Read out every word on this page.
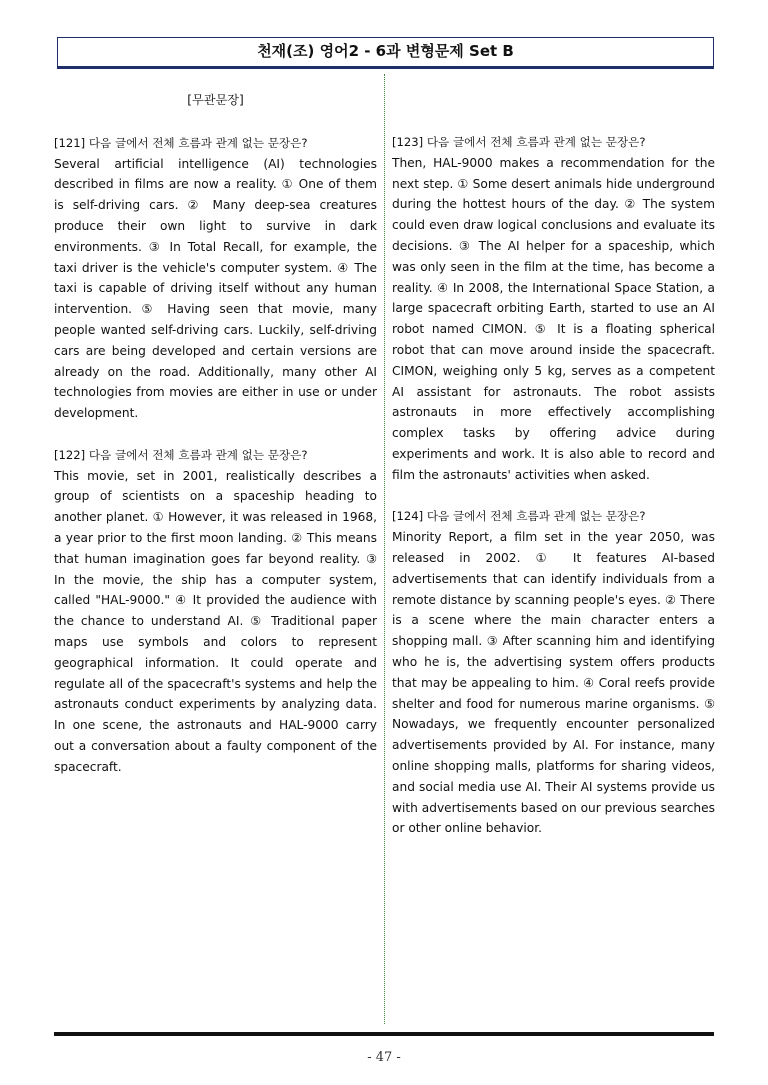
천재(조) 영어2 - 6과 변형문제 Set B
[무관문장]
[121] 다음 글에서 전체 흐름과 관계 없는 문장은?
Several artificial intelligence (AI) technologies described in films are now a reality. ① One of them is self-driving cars. ② Many deep-sea creatures produce their own light to survive in dark environments. ③ In Total Recall, for example, the taxi driver is the vehicle's computer system. ④ The taxi is capable of driving itself without any human intervention. ⑤ Having seen that movie, many people wanted self-driving cars. Luckily, self-driving cars are being developed and certain versions are already on the road. Additionally, many other AI technologies from movies are either in use or under development.
[122] 다음 글에서 전체 흐름과 관계 없는 문장은?
This movie, set in 2001, realistically describes a group of scientists on a spaceship heading to another planet. ① However, it was released in 1968, a year prior to the first moon landing. ② This means that human imagination goes far beyond reality. ③ In the movie, the ship has a computer system, called "HAL-9000." ④ It provided the audience with the chance to understand AI. ⑤ Traditional paper maps use symbols and colors to represent geographical information. It could operate and regulate all of the spacecraft's systems and help the astronauts conduct experiments by analyzing data. In one scene, the astronauts and HAL-9000 carry out a conversation about a faulty component of the spacecraft.
[123] 다음 글에서 전체 흐름과 관계 없는 문장은?
Then, HAL-9000 makes a recommendation for the next step. ① Some desert animals hide underground during the hottest hours of the day. ② The system could even draw logical conclusions and evaluate its decisions. ③ The AI helper for a spaceship, which was only seen in the film at the time, has become a reality. ④ In 2008, the International Space Station, a large spacecraft orbiting Earth, started to use an AI robot named CIMON. ⑤ It is a floating spherical robot that can move around inside the spacecraft. CIMON, weighing only 5 kg, serves as a competent AI assistant for astronauts. The robot assists astronauts in more effectively accomplishing complex tasks by offering advice during experiments and work. It is also able to record and film the astronauts' activities when asked.
[124] 다음 글에서 전체 흐름과 관계 없는 문장은?
Minority Report, a film set in the year 2050, was released in 2002. ① It features AI-based advertisements that can identify individuals from a remote distance by scanning people's eyes. ② There is a scene where the main character enters a shopping mall. ③ After scanning him and identifying who he is, the advertising system offers products that may be appealing to him. ④ Coral reefs provide shelter and food for numerous marine organisms. ⑤ Nowadays, we frequently encounter personalized advertisements provided by AI. For instance, many online shopping malls, platforms for sharing videos, and social media use AI. Their AI systems provide us with advertisements based on our previous searches or other online behavior.
- 47 -
